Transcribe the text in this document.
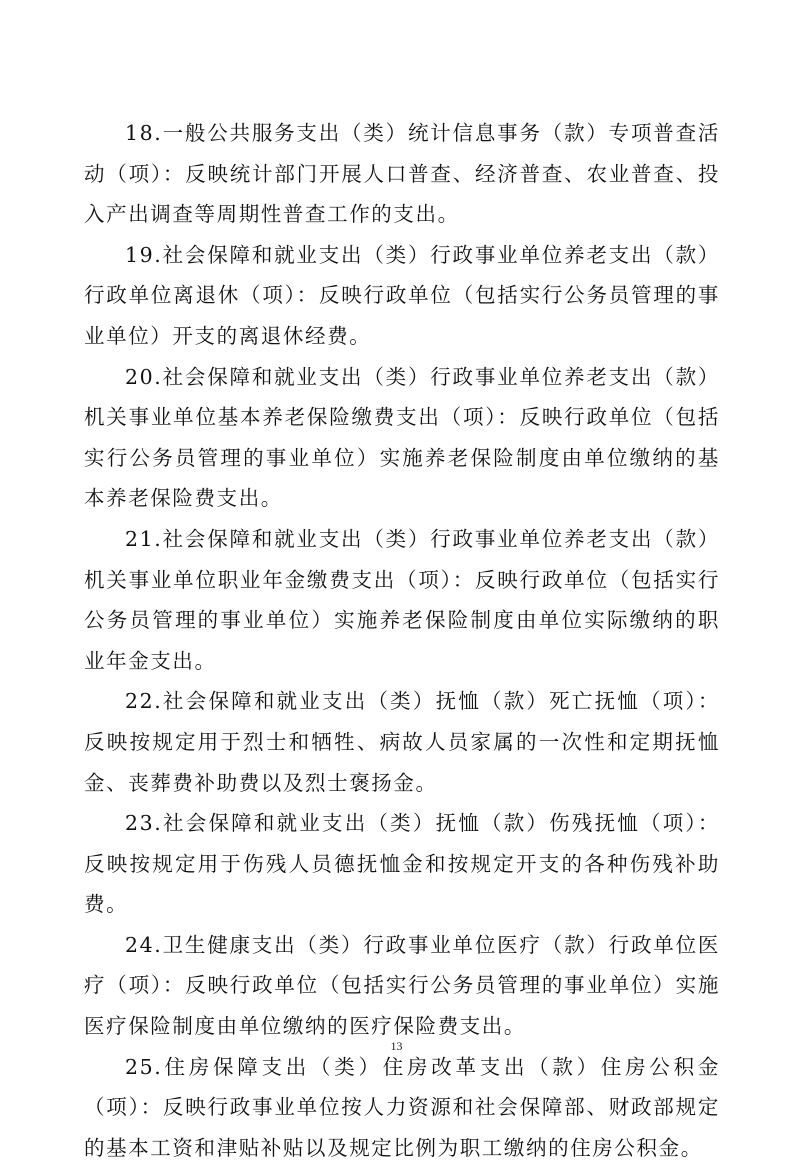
18.一般公共服务支出（类）统计信息事务（款）专项普查活动（项）：反映统计部门开展人口普查、经济普查、农业普查、投入产出调查等周期性普查工作的支出。

19.社会保障和就业支出（类）行政事业单位养老支出（款）行政单位离退休（项）：反映行政单位（包括实行公务员管理的事业单位）开支的离退休经费。

20.社会保障和就业支出（类）行政事业单位养老支出（款）机关事业单位基本养老保险缴费支出（项）：反映行政单位（包括实行公务员管理的事业单位）实施养老保险制度由单位缴纳的基本养老保险费支出。

21.社会保障和就业支出（类）行政事业单位养老支出（款）机关事业单位职业年金缴费支出（项）：反映行政单位（包括实行公务员管理的事业单位）实施养老保险制度由单位实际缴纳的职业年金支出。

22.社会保障和就业支出（类）抚恤（款）死亡抚恤（项）：反映按规定用于烈士和牺牲、病故人员家属的一次性和定期抚恤金、丧葬费补助费以及烈士褒扬金。

23.社会保障和就业支出（类）抚恤（款）伤残抚恤（项）：反映按规定用于伤残人员德抚恤金和按规定开支的各种伤残补助费。

24.卫生健康支出（类）行政事业单位医疗（款）行政单位医疗（项）：反映行政单位（包括实行公务员管理的事业单位）实施医疗保险制度由单位缴纳的医疗保险费支出。

25.住房保障支出（类）住房改革支出（款）住房公积金（项）：反映行政事业单位按人力资源和社会保障部、财政部规定的基本工资和津贴补贴以及规定比例为职工缴纳的住房公积金。

13
